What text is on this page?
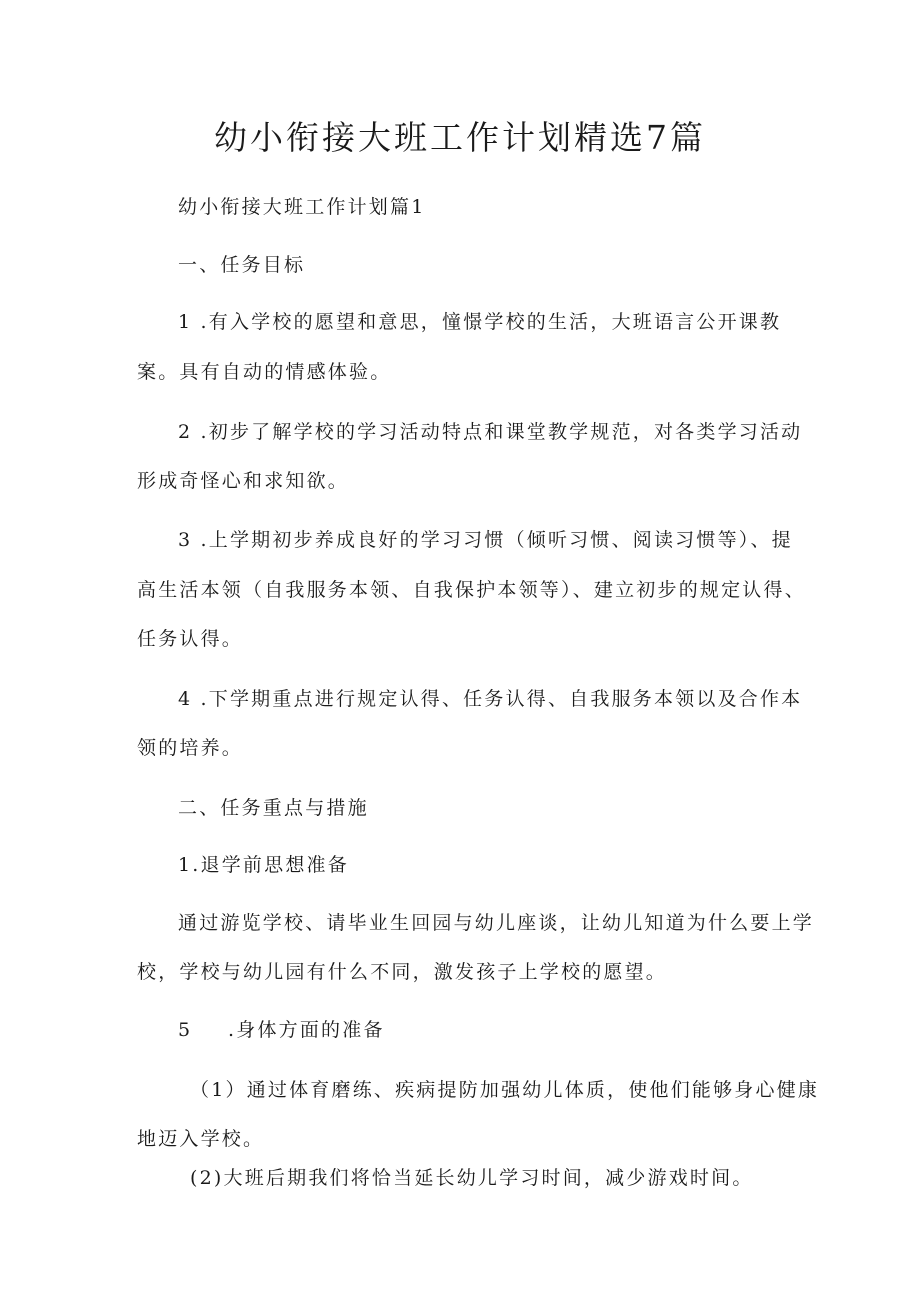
幼小衔接大班工作计划精选7篇

幼小衔接大班工作计划篇1

一、任务目标

1 .有入学校的愿望和意思，憧憬学校的生活，大班语言公开课教

案。具有自动的情感体验。

2 .初步了解学校的学习活动特点和课堂教学规范，对各类学习活动

形成奇怪心和求知欲。

3 .上学期初步养成良好的学习习惯（倾听习惯、阅读习惯等）、提

高生活本领（自我服务本领、自我保护本领等）、建立初步的规定认得、

任务认得。

4 .下学期重点进行规定认得、任务认得、自我服务本领以及合作本

领的培养。

二、任务重点与措施

1.退学前思想准备

通过游览学校、请毕业生回园与幼儿座谈，让幼儿知道为什么要上学

校，学校与幼儿园有什么不同，激发孩子上学校的愿望。

5 .身体方面的准备

（1）通过体育磨练、疾病提防加强幼儿体质，使他们能够身心健康

地迈入学校。

(2)大班后期我们将恰当延长幼儿学习时间，减少游戏时间。
